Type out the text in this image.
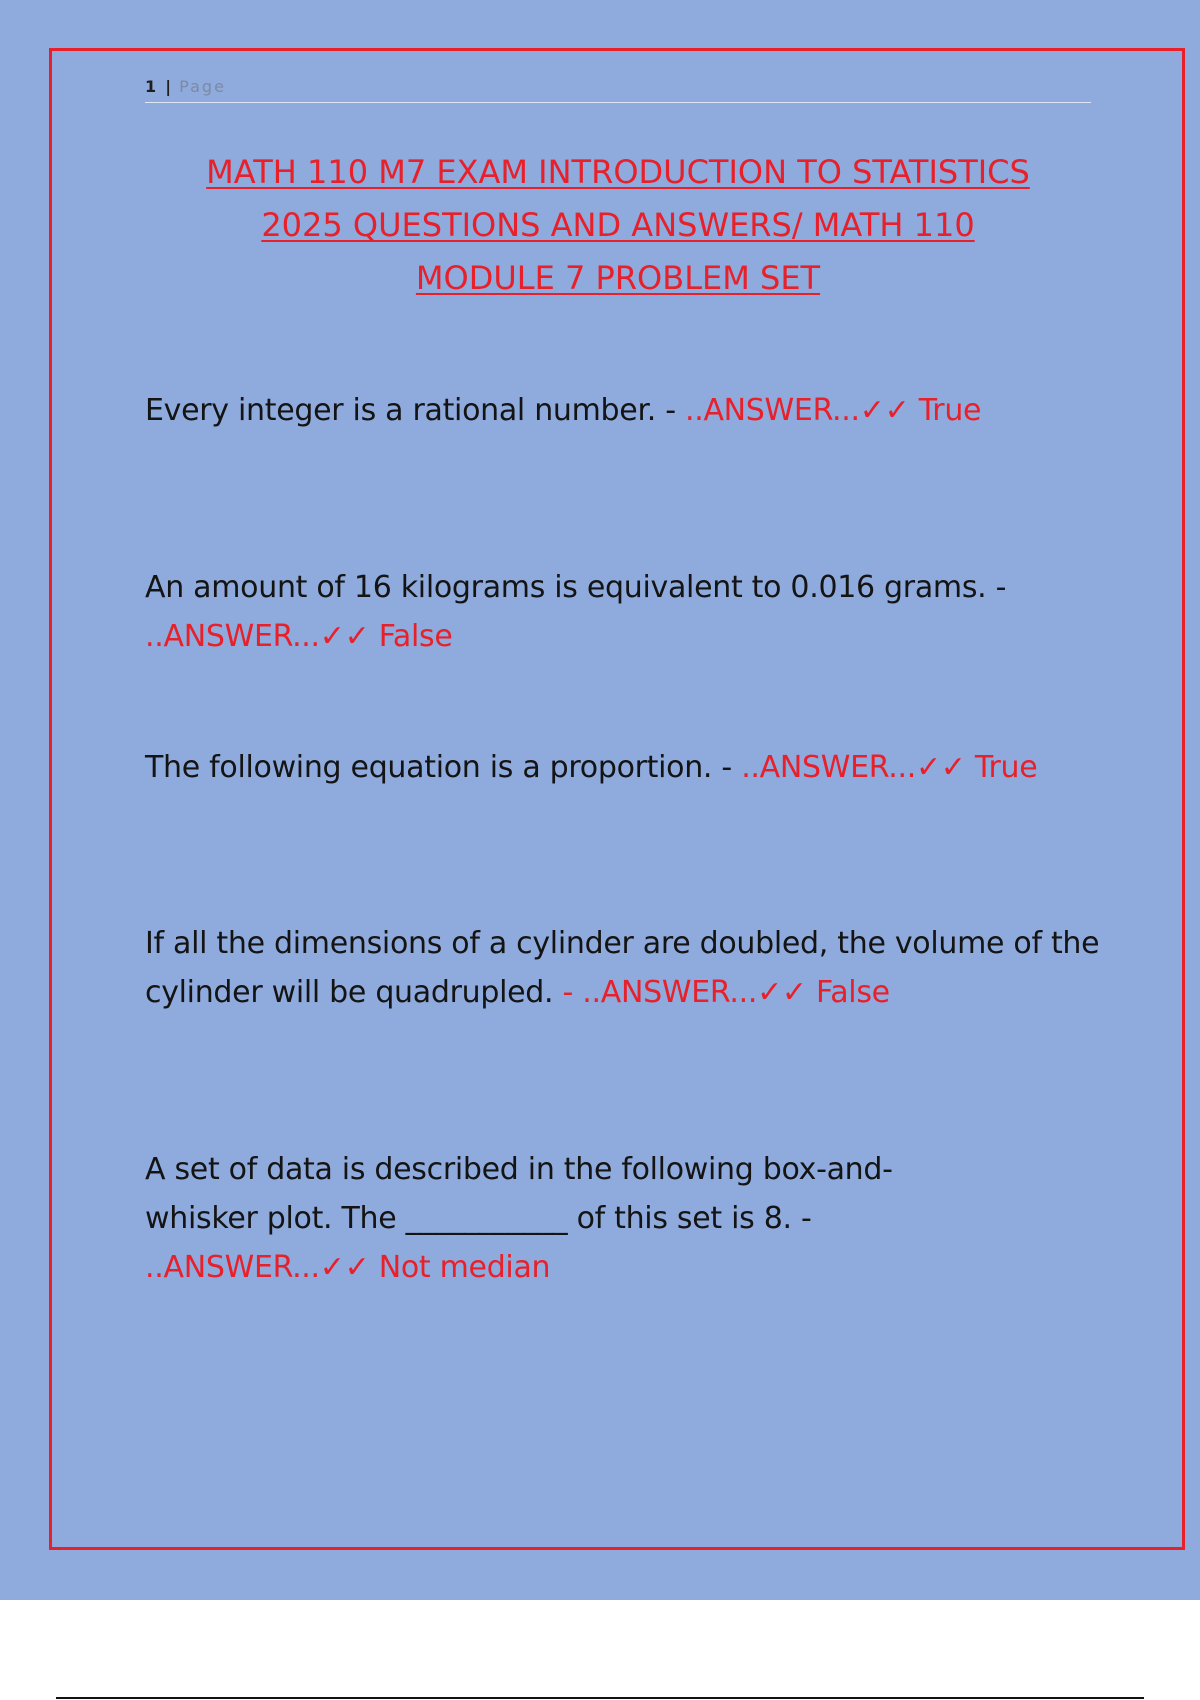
1 | Page
MATH 110 M7 EXAM INTRODUCTION TO STATISTICS
2025 QUESTIONS AND ANSWERS/ MATH 110
MODULE 7 PROBLEM SET
Every integer is a rational number. - ..ANSWER...✓✓ True
An amount of 16 kilograms is equivalent to 0.016 grams. - ..ANSWER...✓✓ False
The following equation is a proportion. - ..ANSWER...✓✓ True
If all the dimensions of a cylinder are doubled, the volume of the cylinder will be quadrupled. - ..ANSWER...✓✓ False
A set of data is described in the following box-and-whisker plot. The ___________ of this set is 8. - ..ANSWER...✓✓ Not median
